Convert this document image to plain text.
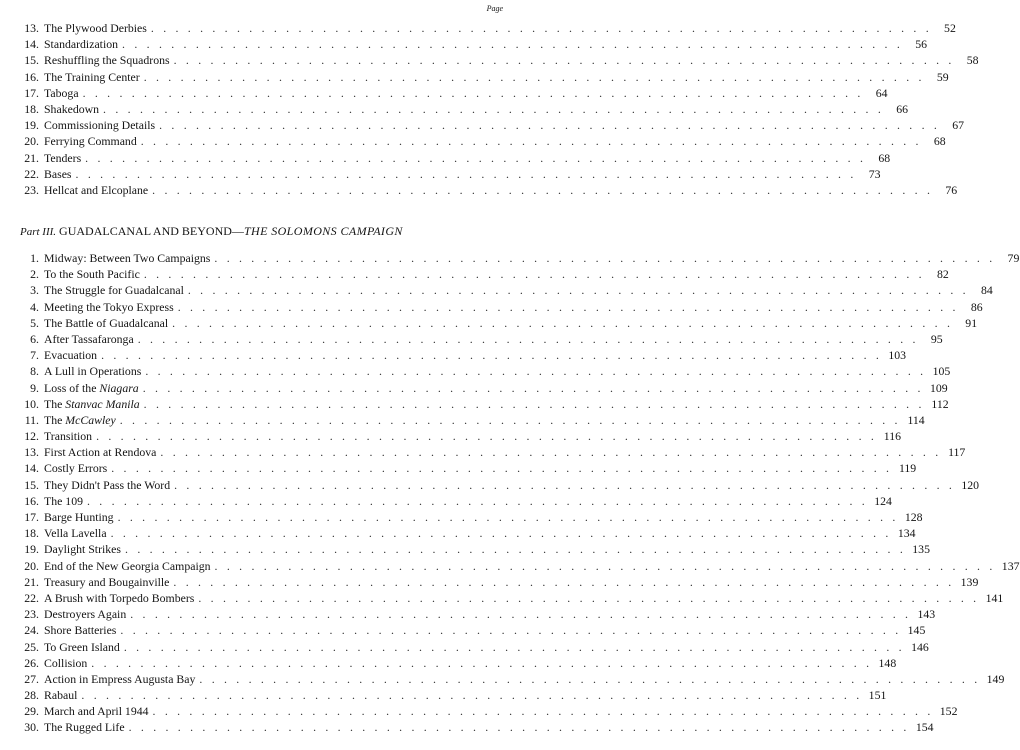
Page
13. The Plywood Derbies . . . . . . . . . . . . . . . . . . . . . . . . . . . . . . . . . . . . . . . . . . . . . . . . . . . . . . . . . . . . . . . .	52
14. Standardization . . . . . . . . . . . . . . . . . . . . . . . . . . . . . . . . . . . . . . . . . . . . . . . . . . . . . . . . . . . . . . . .	56
15. Reshuffling the Squadrons . . . . . . . . . . . . . . . . . . . . . . . . . . . . . . . . . . . . . . . . . . . . . . . . . . . . . . . . . . . . . . . .	58
16. The Training Center . . . . . . . . . . . . . . . . . . . . . . . . . . . . . . . . . . . . . . . . . . . . . . . . . . . . . . . . . . . . . . . .	59
17. Taboga . . . . . . . . . . . . . . . . . . . . . . . . . . . . . . . . . . . . . . . . . . . . . . . . . . . . . . . . . . . . . . . .	64
18. Shakedown . . . . . . . . . . . . . . . . . . . . . . . . . . . . . . . . . . . . . . . . . . . . . . . . . . . . . . . . . . . . . . . .	66
19. Commissioning Details . . . . . . . . . . . . . . . . . . . . . . . . . . . . . . . . . . . . . . . . . . . . . . . . . . . . . . . . . . . . . . . .	67
20. Ferrying Command . . . . . . . . . . . . . . . . . . . . . . . . . . . . . . . . . . . . . . . . . . . . . . . . . . . . . . . . . . . . . . . .	68
21. Tenders . . . . . . . . . . . . . . . . . . . . . . . . . . . . . . . . . . . . . . . . . . . . . . . . . . . . . . . . . . . . . . . .	68
22. Bases . . . . . . . . . . . . . . . . . . . . . . . . . . . . . . . . . . . . . . . . . . . . . . . . . . . . . . . . . . . . . . . .	73
23. Hellcat and Elcoplane . . . . . . . . . . . . . . . . . . . . . . . . . . . . . . . . . . . . . . . . . . . . . . . . . . . . . . . . . . . . . . . .	76
Part III. GUADALCANAL AND BEYOND—THE SOLOMONS CAMPAIGN
1. Midway: Between Two Campaigns . . . . . . . . . . . . . . . . . . . . . . . . . . . . . . . . . . . . . . . . . . . . . . . . . . . . . . . . . . . . . . . .	79
2. To the South Pacific . . . . . . . . . . . . . . . . . . . . . . . . . . . . . . . . . . . . . . . . . . . . . . . . . . . . . . . . . . . . . . . .	82
3. The Struggle for Guadalcanal . . . . . . . . . . . . . . . . . . . . . . . . . . . . . . . . . . . . . . . . . . . . . . . . . . . . . . . . . . . . . . . .	84
4. Meeting the Tokyo Express . . . . . . . . . . . . . . . . . . . . . . . . . . . . . . . . . . . . . . . . . . . . . . . . . . . . . . . . . . . . . . . .	86
5. The Battle of Guadalcanal . . . . . . . . . . . . . . . . . . . . . . . . . . . . . . . . . . . . . . . . . . . . . . . . . . . . . . . . . . . . . . . .	91
6. After Tassafaronga . . . . . . . . . . . . . . . . . . . . . . . . . . . . . . . . . . . . . . . . . . . . . . . . . . . . . . . . . . . . . . . .	95
7. Evacuation . . . . . . . . . . . . . . . . . . . . . . . . . . . . . . . . . . . . . . . . . . . . . . . . . . . . . . . . . . . . . . . . 103
8. A Lull in Operations . . . . . . . . . . . . . . . . . . . . . . . . . . . . . . . . . . . . . . . . . . . . . . . . . . . . . . . . . . . . . . . . 105
9. Loss of the Niagara . . . . . . . . . . . . . . . . . . . . . . . . . . . . . . . . . . . . . . . . . . . . . . . . . . . . . . . . . . . . . . . . 109
10. The Stanvac Manila . . . . . . . . . . . . . . . . . . . . . . . . . . . . . . . . . . . . . . . . . . . . . . . . . . . . . . . . . . . . . . . . 112
11. The McCawley . . . . . . . . . . . . . . . . . . . . . . . . . . . . . . . . . . . . . . . . . . . . . . . . . . . . . . . . . . . . . . . . 114
12. Transition . . . . . . . . . . . . . . . . . . . . . . . . . . . . . . . . . . . . . . . . . . . . . . . . . . . . . . . . . . . . . . . . 116
13. First Action at Rendova . . . . . . . . . . . . . . . . . . . . . . . . . . . . . . . . . . . . . . . . . . . . . . . . . . . . . . . . . . . . . . . . 117
14. Costly Errors . . . . . . . . . . . . . . . . . . . . . . . . . . . . . . . . . . . . . . . . . . . . . . . . . . . . . . . . . . . . . . . . 119
15. They Didn't Pass the Word . . . . . . . . . . . . . . . . . . . . . . . . . . . . . . . . . . . . . . . . . . . . . . . . . . . . . . . . . . . . . . . . 120
16. The 109 . . . . . . . . . . . . . . . . . . . . . . . . . . . . . . . . . . . . . . . . . . . . . . . . . . . . . . . . . . . . . . . . 124
17. Barge Hunting . . . . . . . . . . . . . . . . . . . . . . . . . . . . . . . . . . . . . . . . . . . . . . . . . . . . . . . . . . . . . . . . 128
18. Vella Lavella . . . . . . . . . . . . . . . . . . . . . . . . . . . . . . . . . . . . . . . . . . . . . . . . . . . . . . . . . . . . . . . . 134
19. Daylight Strikes . . . . . . . . . . . . . . . . . . . . . . . . . . . . . . . . . . . . . . . . . . . . . . . . . . . . . . . . . . . . . . . . 135
20. End of the New Georgia Campaign . . . . . . . . . . . . . . . . . . . . . . . . . . . . . . . . . . . . . . . . . . . . . . . . . . . . . . . . . . . . . . . . 137
21. Treasury and Bougainville . . . . . . . . . . . . . . . . . . . . . . . . . . . . . . . . . . . . . . . . . . . . . . . . . . . . . . . . . . . . . . . . 139
22. A Brush with Torpedo Bombers . . . . . . . . . . . . . . . . . . . . . . . . . . . . . . . . . . . . . . . . . . . . . . . . . . . . . . . . . . . . . . . . 141
23. Destroyers Again . . . . . . . . . . . . . . . . . . . . . . . . . . . . . . . . . . . . . . . . . . . . . . . . . . . . . . . . . . . . . . . . 143
24. Shore Batteries . . . . . . . . . . . . . . . . . . . . . . . . . . . . . . . . . . . . . . . . . . . . . . . . . . . . . . . . . . . . . . . . 145
25. To Green Island . . . . . . . . . . . . . . . . . . . . . . . . . . . . . . . . . . . . . . . . . . . . . . . . . . . . . . . . . . . . . . . . 146
26. Collision . . . . . . . . . . . . . . . . . . . . . . . . . . . . . . . . . . . . . . . . . . . . . . . . . . . . . . . . . . . . . . . . 148
27. Action in Empress Augusta Bay . . . . . . . . . . . . . . . . . . . . . . . . . . . . . . . . . . . . . . . . . . . . . . . . . . . . . . . . . . . . . . . . 149
28. Rabaul . . . . . . . . . . . . . . . . . . . . . . . . . . . . . . . . . . . . . . . . . . . . . . . . . . . . . . . . . . . . . . . . 151
29. March and April 1944 . . . . . . . . . . . . . . . . . . . . . . . . . . . . . . . . . . . . . . . . . . . . . . . . . . . . . . . . . . . . . . . . 152
30. The Rugged Life . . . . . . . . . . . . . . . . . . . . . . . . . . . . . . . . . . . . . . . . . . . . . . . . . . . . . . . . . . . . . . . . 154
